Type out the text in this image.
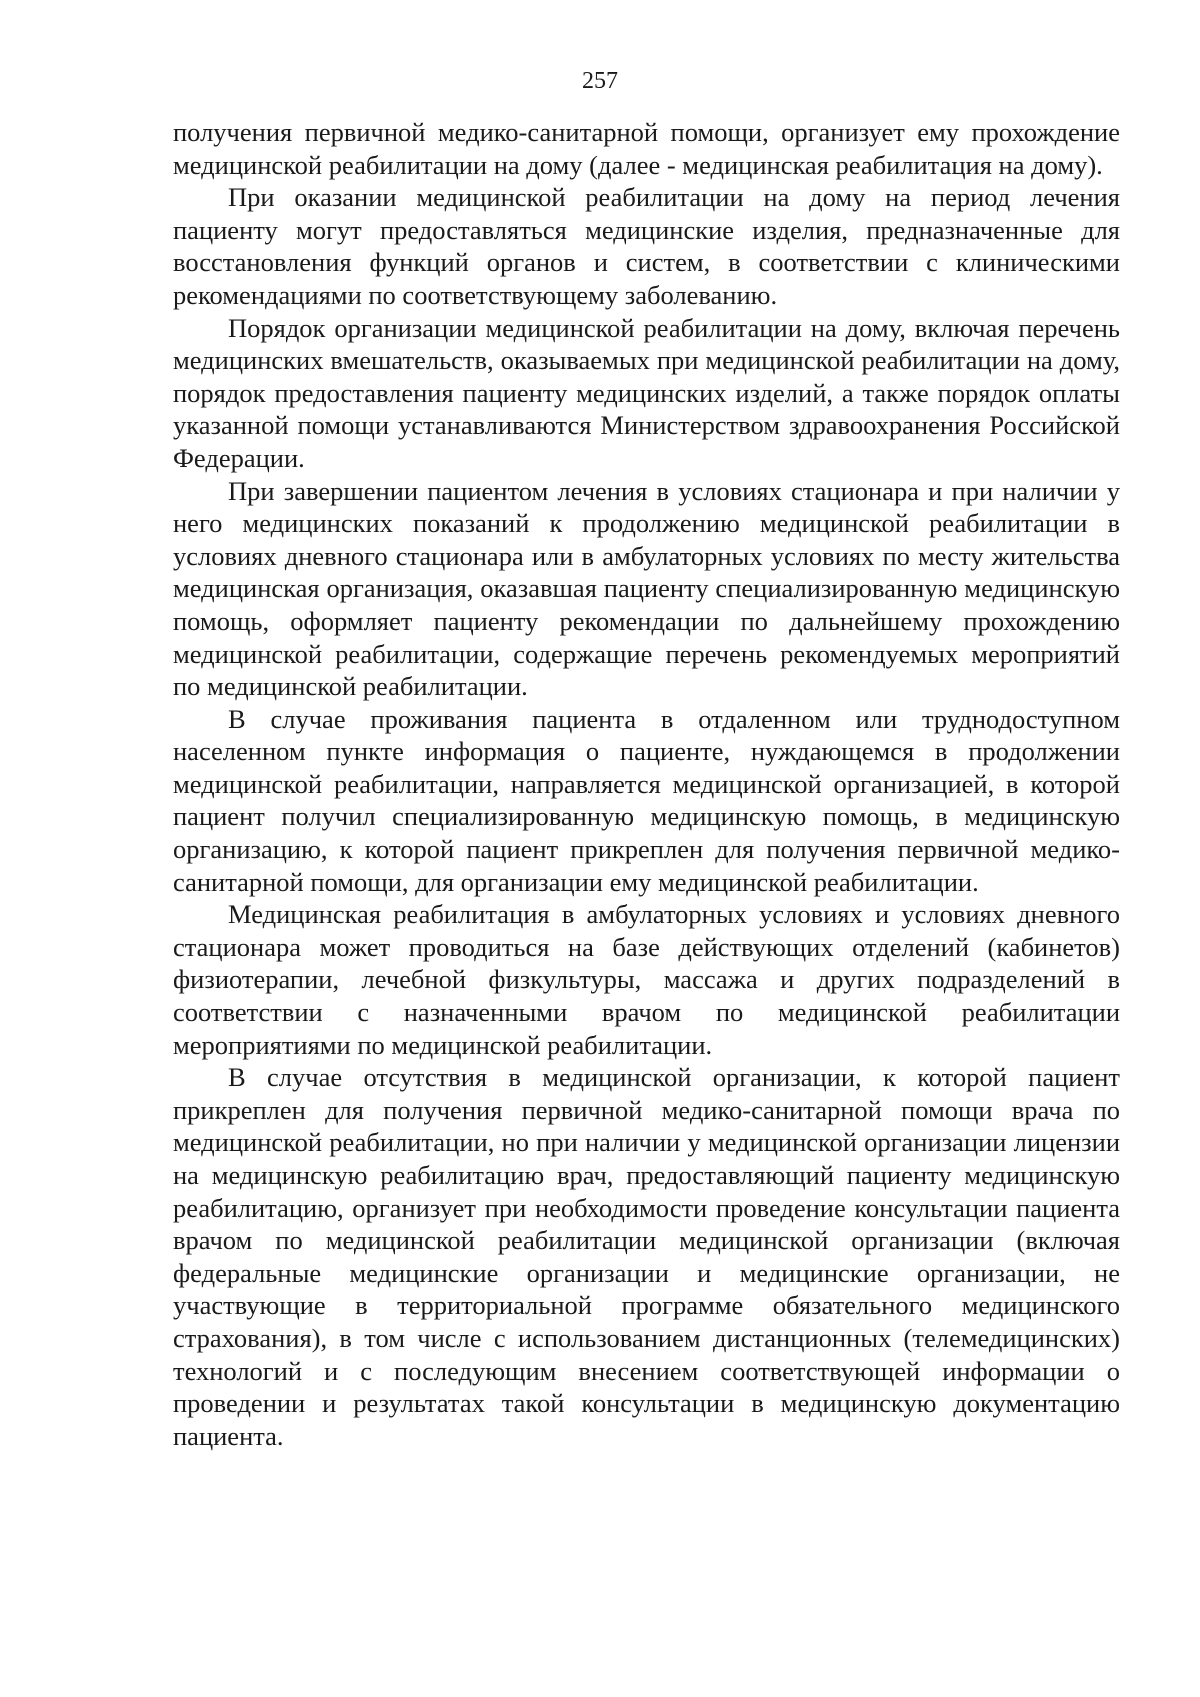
257

получения первичной медико-санитарной помощи, организует ему прохождение медицинской реабилитации на дому (далее - медицинская реабилитация на дому).

При оказании медицинской реабилитации на дому на период лечения пациенту могут предоставляться медицинские изделия, предназначенные для восстановления функций органов и систем, в соответствии с клиническими рекомендациями по соответствующему заболеванию.

Порядок организации медицинской реабилитации на дому, включая перечень медицинских вмешательств, оказываемых при медицинской реабилитации на дому, порядок предоставления пациенту медицинских изделий, а также порядок оплаты указанной помощи устанавливаются Министерством здравоохранения Российской Федерации.

При завершении пациентом лечения в условиях стационара и при наличии у него медицинских показаний к продолжению медицинской реабилитации в условиях дневного стационара или в амбулаторных условиях по месту жительства медицинская организация, оказавшая пациенту специализированную медицинскую помощь, оформляет пациенту рекомендации по дальнейшему прохождению медицинской реабилитации, содержащие перечень рекомендуемых мероприятий по медицинской реабилитации.

В случае проживания пациента в отдаленном или труднодоступном населенном пункте информация о пациенте, нуждающемся в продолжении медицинской реабилитации, направляется медицинской организацией, в которой пациент получил специализированную медицинскую помощь, в медицинскую организацию, к которой пациент прикреплен для получения первичной медико-санитарной помощи, для организации ему медицинской реабилитации.

Медицинская реабилитация в амбулаторных условиях и условиях дневного стационара может проводиться на базе действующих отделений (кабинетов) физиотерапии, лечебной физкультуры, массажа и других подразделений в соответствии с назначенными врачом по медицинской реабилитации мероприятиями по медицинской реабилитации.

В случае отсутствия в медицинской организации, к которой пациент прикреплен для получения первичной медико-санитарной помощи врача по медицинской реабилитации, но при наличии у медицинской организации лицензии на медицинскую реабилитацию врач, предоставляющий пациенту медицинскую реабилитацию, организует при необходимости проведение консультации пациента врачом по медицинской реабилитации медицинской организации (включая федеральные медицинские организации и медицинские организации, не участвующие в территориальной программе обязательного медицинского страхования), в том числе с использованием дистанционных (телемедицинских) технологий и с последующим внесением соответствующей информации о проведении и результатах такой консультации в медицинскую документацию пациента.
